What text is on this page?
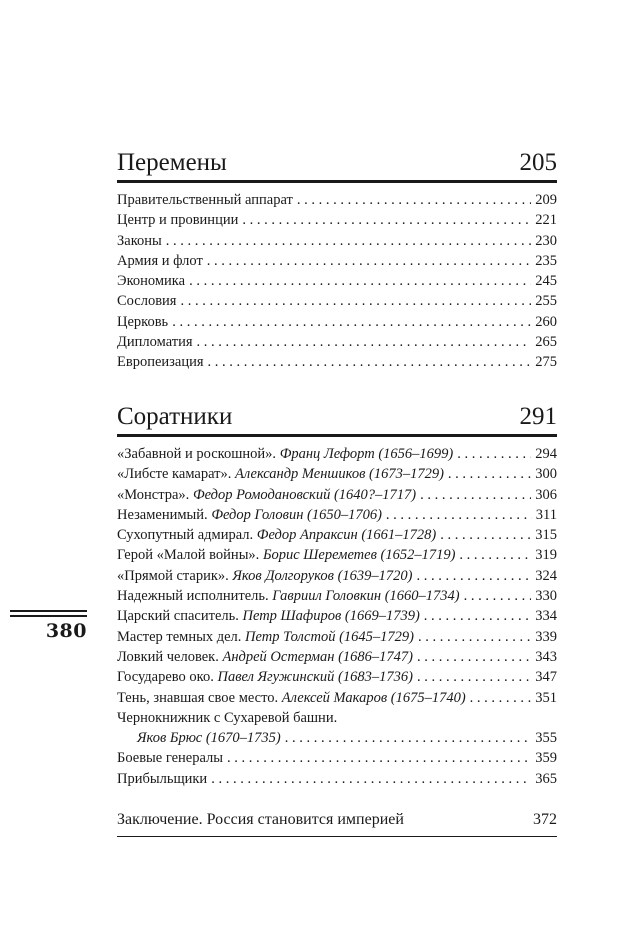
380
Перемены	205
Правительственный аппарат . . .	209
Центр и провинции . . .	221
Законы . . .	230
Армия и флот . . .	235
Экономика . . .	245
Сословия . . .	255
Церковь . . .	260
Дипломатия . . .	265
Европеизация . . .	275
Соратники	291
«Забавной и роскошной». Франц Лефорт (1656–1699) . . .	294
«Либсте камарат». Александр Меншиков (1673–1729) . . .	300
«Монстра». Федор Ромодановский (1640?–1717) . . .	306
Незаменимый. Федор Головин (1650–1706) . . .	311
Сухопутный адмирал. Федор Апраксин (1661–1728) . . .	315
Герой «Малой войны». Борис Шереметев (1652–1719) . . .	319
«Прямой старик». Яков Долгоруков (1639–1720) . . .	324
Надежный исполнитель. Гавриил Головкин (1660–1734) . . .	330
Царский спаситель. Петр Шафиров (1669–1739) . . .	334
Мастер темных дел. Петр Толстой (1645–1729) . . .	339
Ловкий человек. Андрей Остерман (1686–1747) . . .	343
Государево око. Павел Ягужинский (1683–1736) . . .	347
Тень, знавшая свое место. Алексей Макаров (1675–1740) . . .	351
Чернокнижник с Сухаревой башни.
Яков Брюс (1670–1735) . . .	355
Боевые генералы . . .	359
Прибыльщики . . .	365
Заключение. Россия становится империей	372
